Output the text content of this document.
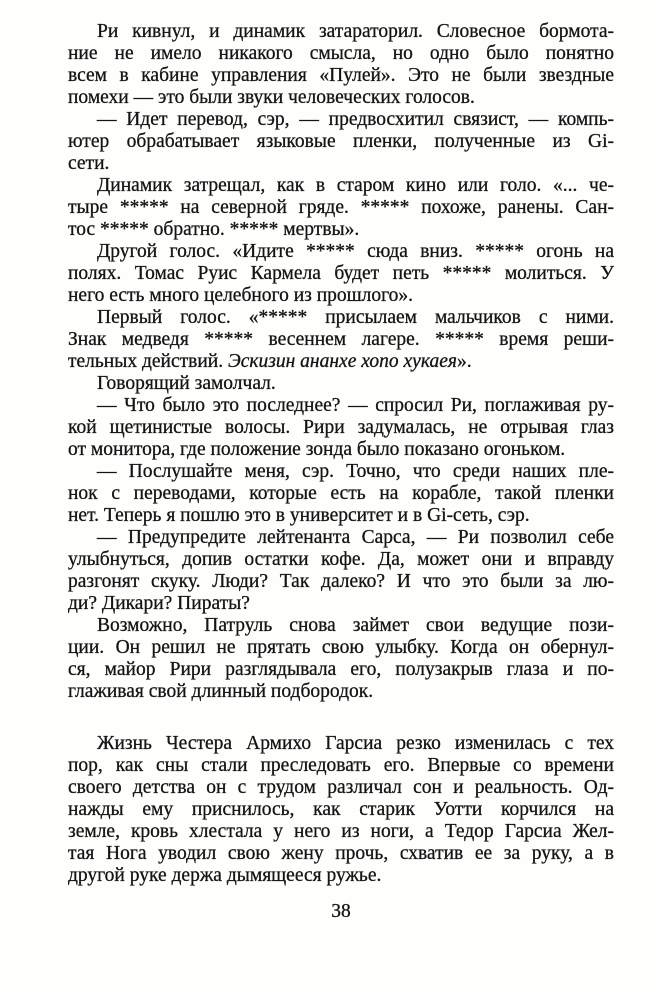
Ри кивнул, и динамик затараторил. Словесное бормота-
ние не имело никакого смысла, но одно было понятно
всем в кабине управления «Пулей». Это не были звездные
помехи — это были звуки человеческих голосов.
— Идет перевод, сэр, — предвосхитил связист, — компь-
ютер обрабатывает языковые пленки, полученные из Gi-
сети.
Динамик затрещал, как в старом кино или голо. «... че-
тыре ***** на северной гряде. ***** похоже, ранены. Сан-
тос ***** обратно. ***** мертвы».
Другой голос. «Идите ***** сюда вниз. ***** огонь на
полях. Томас Руис Кармела будет петь ***** молиться. У
него есть много целебного из прошлого».
Первый голос. «***** присылаем мальчиков с ними.
Знак медведя ***** весеннем лагере. ***** время реши-
тельных действий. Эскизин ананхе хопо хукаея».
Говорящий замолчал.
— Что было это последнее? — спросил Ри, поглаживая ру-
кой щетинистые волосы. Рири задумалась, не отрывая глаз
от монитора, где положение зонда было показано огоньком.
— Послушайте меня, сэр. Точно, что среди наших пле-
нок с переводами, которые есть на корабле, такой пленки
нет. Теперь я пошлю это в университет и в Gi-сеть, сэр.
— Предупредите лейтенанта Сарса, — Ри позволил себе
улыбнуться, допив остатки кофе. Да, может они и вправду
разгонят скуку. Люди? Так далеко? И что это были за лю-
ди? Дикари? Пираты?
Возможно, Патруль снова займет свои ведущие пози-
ции. Он решил не прятать свою улыбку. Когда он обернул-
ся, майор Рири разглядывала его, полузакрыв глаза и по-
глаживая свой длинный подбородок.
Жизнь Честера Армихо Гарсиа резко изменилась с тех
пор, как сны стали преследовать его. Впервые со времени
своего детства он с трудом различал сон и реальность. Од-
нажды ему приснилось, как старик Уотти корчился на
земле, кровь хлестала у него из ноги, а Тедор Гарсиа Жел-
тая Нога уводил свою жену прочь, схватив ее за руку, а в
другой руке держа дымящееся ружье.
38
